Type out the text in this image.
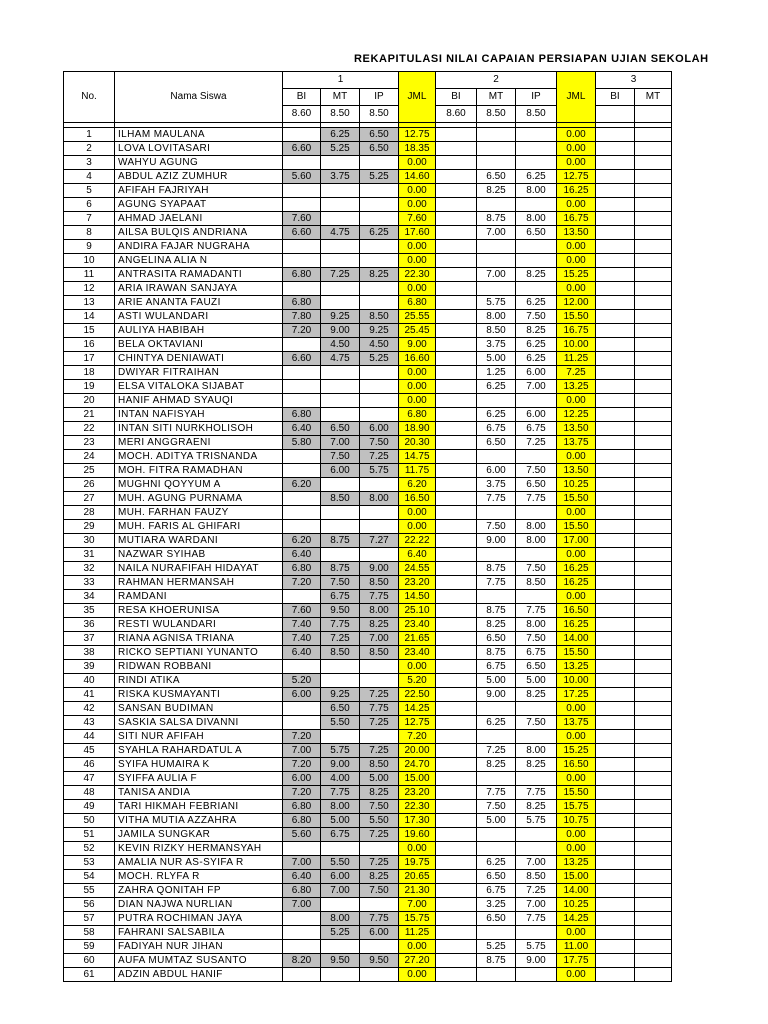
REKAPITULASI NILAI CAPAIAN PERSIAPAN UJIAN SEKOLAH
No.	Nama Siswa	1			JML	2			JML	3	
		BI	MT	IP		BI	MT	IP		BI	MT
		8.60	8.50	8.50		8.60	8.50	8.50			

1	ILHAM MAULANA		6.25	6.50	12.75				0.00		
2	LOVA LOVITASARI	6.60	5.25	6.50	18.35				0.00		
3	WAHYU AGUNG				0.00				0.00		
4	ABDUL AZIZ ZUMHUR	5.60	3.75	5.25	14.60		6.50	6.25	12.75		
5	AFIFAH FAJRIYAH				0.00		8.25	8.00	16.25		
6	AGUNG SYAPAAT				0.00				0.00		
7	AHMAD JAELANI	7.60			7.60		8.75	8.00	16.75		
8	AILSA BULQIS ANDRIANA	6.60	4.75	6.25	17.60		7.00	6.50	13.50		
9	ANDIRA FAJAR NUGRAHA				0.00				0.00		
10	ANGELINA ALIA N				0.00				0.00		
11	ANTRASITA RAMADANTI	6.80	7.25	8.25	22.30		7.00	8.25	15.25		
12	ARIA IRAWAN SANJAYA				0.00				0.00		
13	ARIE ANANTA FAUZI	6.80			6.80		5.75	6.25	12.00		
14	ASTI WULANDARI	7.80	9.25	8.50	25.55		8.00	7.50	15.50		
15	AULIYA HABIBAH	7.20	9.00	9.25	25.45		8.50	8.25	16.75		
16	BELA OKTAVIANI		4.50	4.50	9.00		3.75	6.25	10.00		
17	CHINTYA DENIAWATI	6.60	4.75	5.25	16.60		5.00	6.25	11.25		
18	DWIYAR FITRAIHAN				0.00		1.25	6.00	7.25		
19	ELSA VITALOKA SIJABAT				0.00		6.25	7.00	13.25		
20	HANIF AHMAD SYAUQI				0.00				0.00		
21	INTAN NAFISYAH	6.80			6.80		6.25	6.00	12.25		
22	INTAN SITI NURKHOLISOH	6.40	6.50	6.00	18.90		6.75	6.75	13.50		
23	MERI ANGGRAENI	5.80	7.00	7.50	20.30		6.50	7.25	13.75		
24	MOCH. ADITYA TRISNANDA		7.50	7.25	14.75				0.00		
25	MOH. FITRA RAMADHAN		6.00	5.75	11.75		6.00	7.50	13.50		
26	MUGHNI QOYYUM A	6.20			6.20		3.75	6.50	10.25		
27	MUH. AGUNG PURNAMA		8.50	8.00	16.50		7.75	7.75	15.50		
28	MUH. FARHAN FAUZY				0.00				0.00		
29	MUH. FARIS AL GHIFARI				0.00		7.50	8.00	15.50		
30	MUTIARA WARDANI	6.20	8.75	7.27	22.22		9.00	8.00	17.00		
31	NAZWAR SYIHAB	6.40			6.40				0.00		
32	NAILA NURAFIFAH HIDAYAT	6.80	8.75	9.00	24.55		8.75	7.50	16.25		
33	RAHMAN HERMANSAH	7.20	7.50	8.50	23.20		7.75	8.50	16.25		
34	RAMDANI		6.75	7.75	14.50				0.00		
35	RESA KHOERUNISA	7.60	9.50	8.00	25.10		8.75	7.75	16.50		
36	RESTI WULANDARI	7.40	7.75	8.25	23.40		8.25	8.00	16.25		
37	RIANA AGNISA TRIANA	7.40	7.25	7.00	21.65		6.50	7.50	14.00		
38	RICKO SEPTIANI YUNANTO	6.40	8.50	8.50	23.40		8.75	6.75	15.50		
39	RIDWAN ROBBANI				0.00		6.75	6.50	13.25		
40	RINDI ATIKA	5.20			5.20		5.00	5.00	10.00		
41	RISKA KUSMAYANTI	6.00	9.25	7.25	22.50		9.00	8.25	17.25		
42	SANSAN BUDIMAN		6.50	7.75	14.25				0.00		
43	SASKIA SALSA DIVANNI		5.50	7.25	12.75		6.25	7.50	13.75		
44	SITI NUR AFIFAH	7.20			7.20				0.00		
45	SYAHLA RAHARDATUL A	7.00	5.75	7.25	20.00		7.25	8.00	15.25		
46	SYIFA HUMAIRA K	7.20	9.00	8.50	24.70		8.25	8.25	16.50		
47	SYIFFA AULIA F	6.00	4.00	5.00	15.00				0.00		
48	TANISA ANDIA	7.20	7.75	8.25	23.20		7.75	7.75	15.50		
49	TARI HIKMAH FEBRIANI	6.80	8.00	7.50	22.30		7.50	8.25	15.75		
50	VITHA MUTIA AZZAHRA	6.80	5.00	5.50	17.30		5.00	5.75	10.75		
51	JAMILA SUNGKAR	5.60	6.75	7.25	19.60				0.00		
52	KEVIN RIZKY HERMANSYAH				0.00				0.00		
53	AMALIA NUR AS-SYIFA R	7.00	5.50	7.25	19.75		6.25	7.00	13.25		
54	MOCH. RLYFA R	6.40	6.00	8.25	20.65		6.50	8.50	15.00		
55	ZAHRA QONITAH FP	6.80	7.00	7.50	21.30		6.75	7.25	14.00		
56	DIAN NAJWA NURLIAN	7.00			7.00		3.25	7.00	10.25		
57	PUTRA ROCHIMAN JAYA		8.00	7.75	15.75		6.50	7.75	14.25		
58	FAHRANI SALSABILA		5.25	6.00	11.25				0.00		
59	FADIYAH NUR JIHAN				0.00		5.25	5.75	11.00		
60	AUFA MUMTAZ SUSANTO	8.20	9.50	9.50	27.20		8.75	9.00	17.75		
61	ADZIN ABDUL HANIF				0.00				0.00		
